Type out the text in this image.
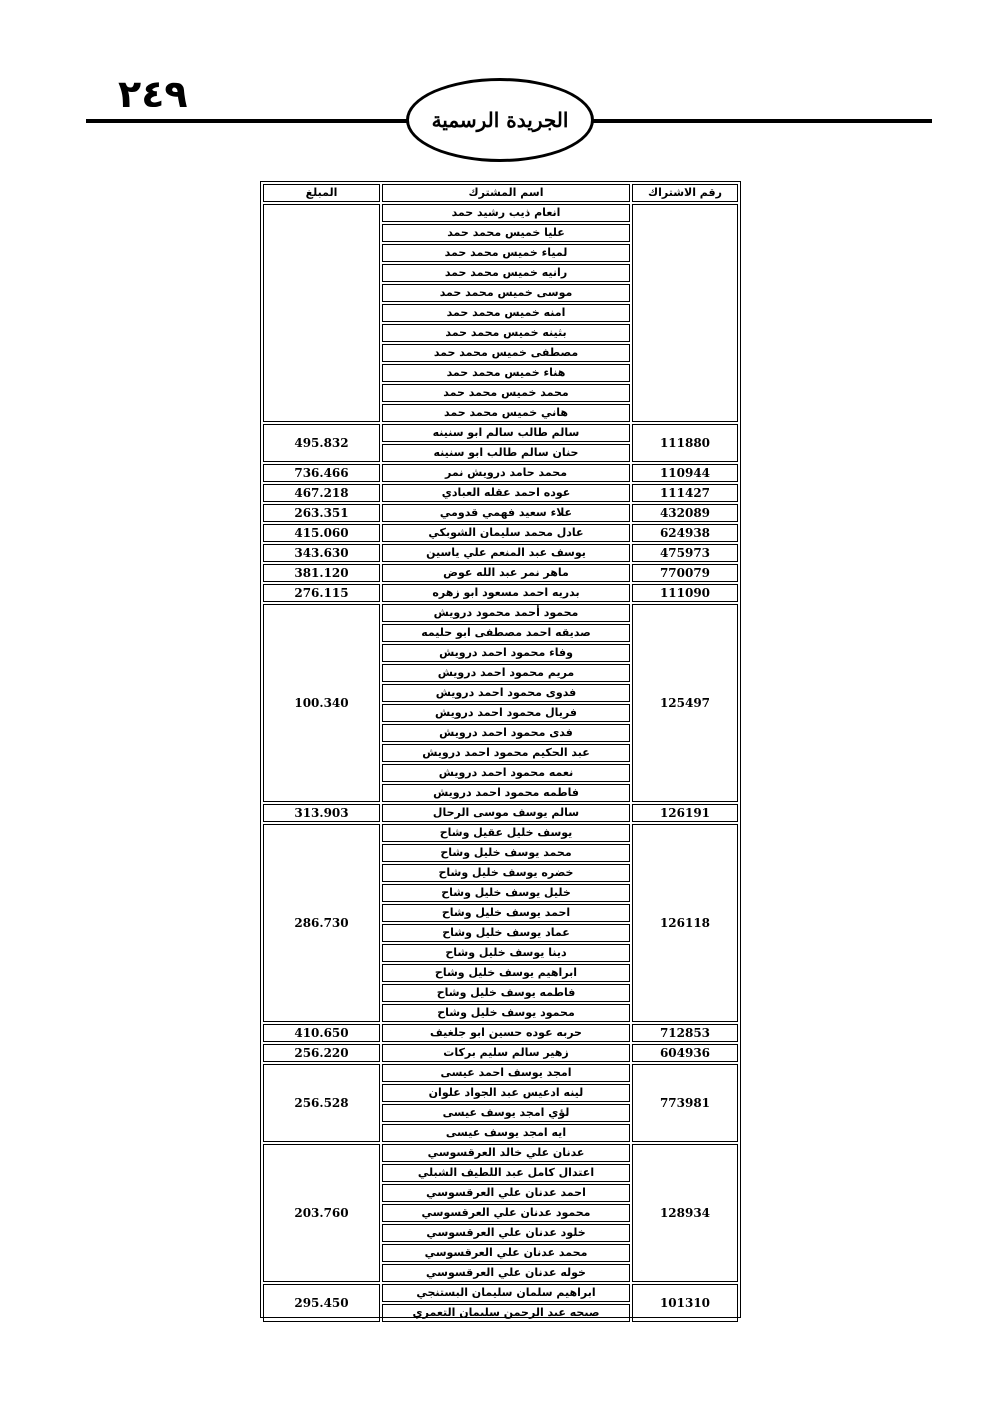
٢٤٩
الجريدة الرسمية
المبلغ	اسم المشترك	رقم الاشتراك
	انعام ذيب رشيد حمد	
	عليا خميس محمد حمد	
	لمياء خميس محمد حمد	
	رانيه خميس محمد حمد	
	موسى خميس محمد حمد	
	امنه خميس محمد حمد	
	بثينه خميس محمد حمد	
	مصطفى خميس محمد حمد	
	هناء خميس محمد حمد	
	محمد خميس محمد حمد	
	هاني خميس محمد حمد	
495.832	سالم طالب سالم ابو سنينه	111880
	حنان سالم طالب ابو سنينه	
736.466	محمد حامد درويش نمر	110944
467.218	عوده احمد عقله العبادي	111427
263.351	علاء سعيد فهمي قدومي	432089
415.060	عادل محمد سليمان الشوبكي	624938
343.630	يوسف عبد المنعم علي ياسين	475973
381.120	ماهر نمر عبد الله عوض	770079
276.115	بدريه احمد مسعود ابو زهره	111090
100.340	محمود أحمد محمود درويش	125497
	صديقه احمد مصطفى ابو حليمه	
	وفاء محمود احمد درويش	
	مريم محمود احمد درويش	
	فدوى محمود احمد درويش	
	فريال محمود احمد درويش	
	فدى محمود احمد درويش	
	عبد الحكيم محمود احمد درويش	
	نعمه محمود احمد درويش	
	فاطمه محمود احمد درويش	
313.903	سالم يوسف موسى الرحال	126191
286.730	يوسف خليل عقيل وشاح	126118
	محمد يوسف خليل وشاح	
	خضره يوسف خليل وشاح	
	خليل يوسف خليل وشاح	
	احمد يوسف خليل وشاح	
	عماد يوسف خليل وشاح	
	دينا يوسف خليل وشاح	
	ابراهيم يوسف خليل وشاح	
	فاطمه يوسف خليل وشاح	
	محمود يوسف خليل وشاح	
410.650	حربه عوده حسين ابو جلغيف	712853
256.220	زهير سالم سليم بركات	604936
256.528	امجد يوسف احمد عيسى	773981
	لينه ادعيس عبد الجواد علوان	
	لؤي امجد يوسف عيسى	
	ايه امجد يوسف عيسى	
203.760	عدنان علي خالد العرقسوسي	128934
	اعتدال كامل عبد اللطيف الشبلي	
	احمد عدنان علي العرقسوسي	
	محمود عدنان علي العرقسوسي	
	خلود عدنان علي العرقسوسي	
	محمد عدنان علي العرقسوسي	
	خوله عدنان علي العرقسوسي	
295.450	ابراهيم سلمان سليمان البستنجي	101310
	صبحه عبد الرحمن سليمان التعمري	
